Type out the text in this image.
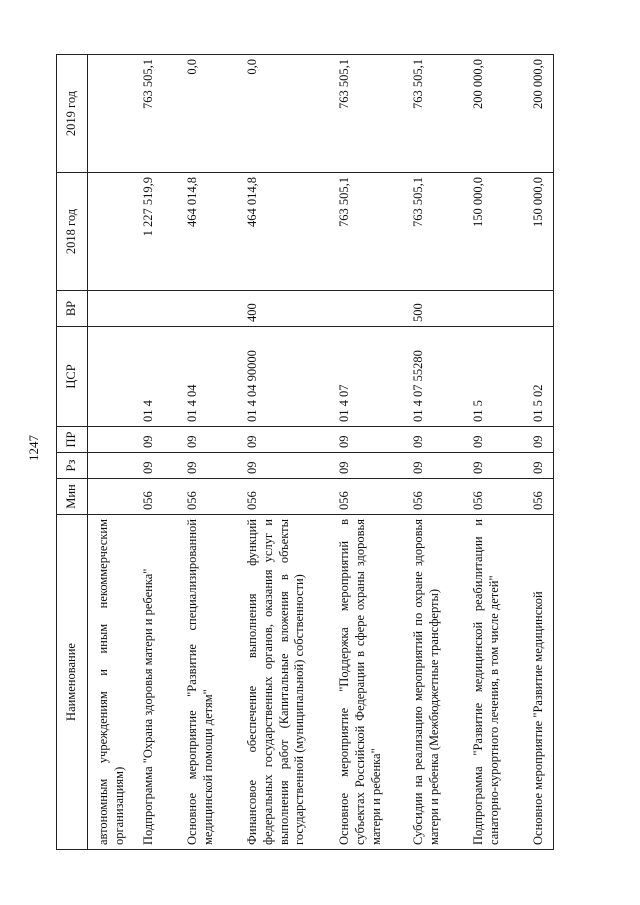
1247
Наименование	Мин	Рз	ПР	ЦСР	ВР	2018 год	2019 год
автономным учреждениям и иным некоммерческим организациям)							
Подпрограмма "Охрана здоровья матери и ребенка"	056	09	09	01 4		1 227 519,9	763 505,1
Основное мероприятие "Развитие специализированной медицинской помощи детям"	056	09	09	01 4 04		464 014,8	0,0
Финансовое обеспечение выполнения функций федеральных государственных органов, оказания услуг и выполнения работ (Капитальные вложения в объекты государственной (муниципальной) собственности)	056	09	09	01 4 04 90000	400	464 014,8	0,0
Основное мероприятие "Поддержка мероприятий в субъектах Российской Федерации в сфере охраны здоровья матери и ребенка"	056	09	09	01 4 07		763 505,1	763 505,1
Субсидии на реализацию мероприятий по охране здоровья матери и ребенка (Межбюджетные трансферты)	056	09	09	01 4 07 55280	500	763 505,1	763 505,1
Подпрограмма "Развитие медицинской реабилитации и санаторно-курортного лечения, в том числе детей"	056	09	09	01 5		150 000,0	200 000,0
Основное мероприятие "Развитие медицинской	056	09	09	01 5 02		150 000,0	200 000,0
